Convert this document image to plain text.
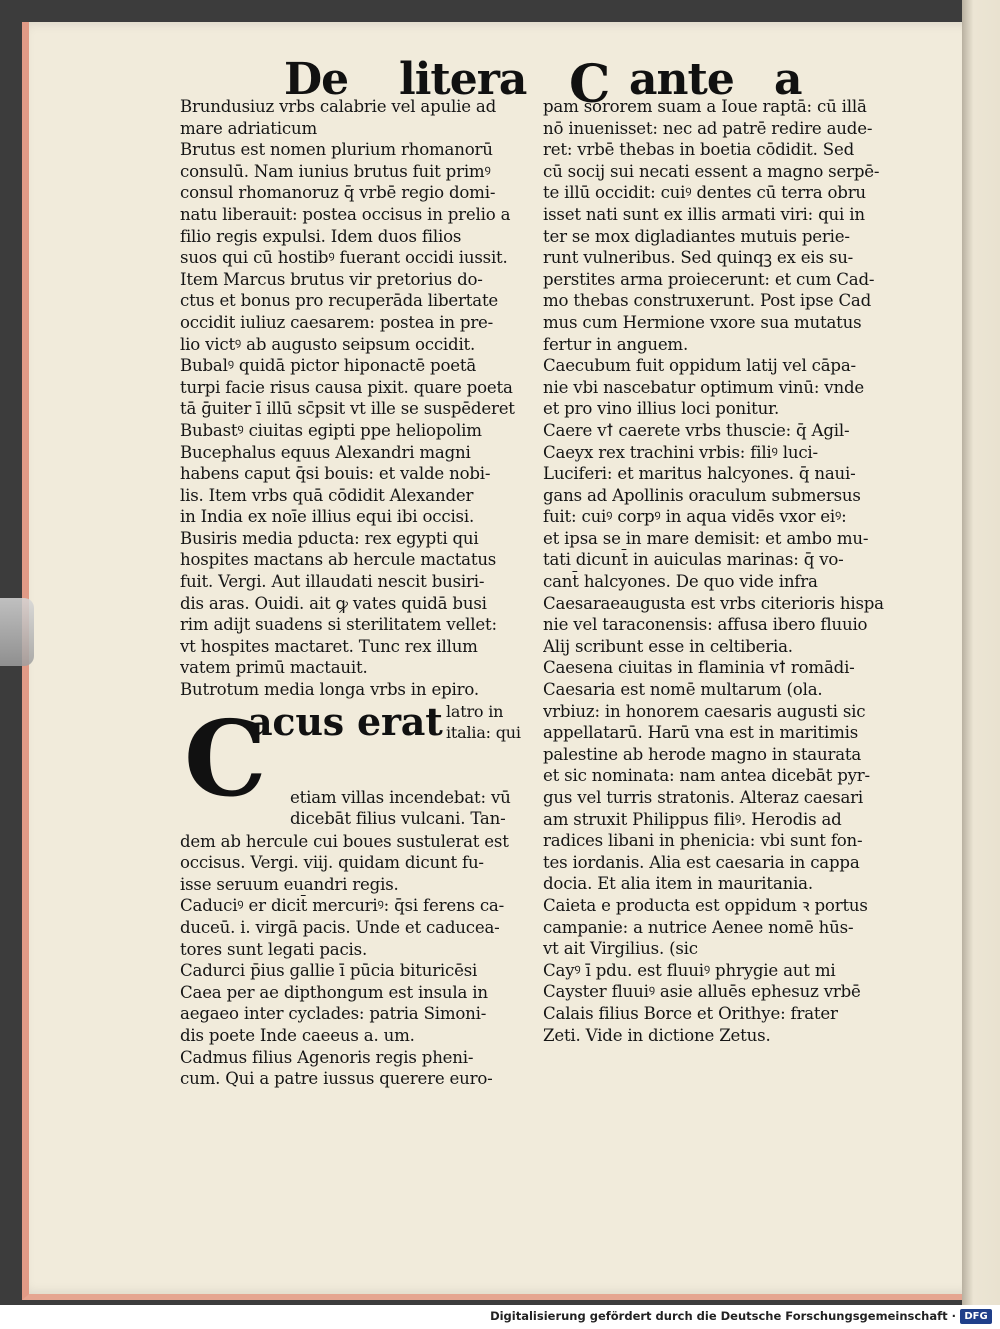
De litera C ante a
Brundusiuz vrbs calabrie vel apulie ad
mare adriaticum
Brutus est nomen plurium rhomanorū
consulū. Nam iunius brutus fuit primꝰ
consul rhomanoruz q̄ vrbē regio domi-
natu liberauit: postea occisus in prelio a
filio regis expulsi. Idem duos filios
suos qui cū hostibꝰ fuerant occidi iussit.
Item Marcus brutus vir pretorius do-
ctus et bonus pro recuperāda libertate
occidit iuliuz caesarem: postea in pre-
lio victꝰ ab augusto seipsum occidit.
Bubalꝰ quidā pictor hiponactē poetā
turpi facie risus causa pixit. quare poeta
tā ḡuiter ī illū sc̄psit vt ille se suspēderet
Bubastꝰ ciuitas egipti ppe heliopolim
Bucephalus equus Alexandri magni
habens caput q̄si bouis: et valde nobi-
lis. Item vrbs quā cōdidit Alexander
in India ex noīe illius equi ibi occisi.
Busiris media pducta: rex egypti qui
hospites mactans ab hercule mactatus
fuit. Vergi. Aut illaudati nescit busiri-
dis aras. Ouidi. ait ꝙ vates quidā busi
rim adijt suadens si sterilitatem vellet:
vt hospites mactaret. Tunc rex illum
vatem primū mactauit.
Butrotum media longa vrbs in epiro.
C
acus erat latro in
italia: qui
etiam villas incendebat: vū
dicebāt filius vulcani. Tan-
dem ab hercule cui boues sustulerat est
occisus. Vergi. viij. quidam dicunt fu-
isse seruum euandri regis.
Caduciꝰ er dicit̄ mercuriꝰ: q̄si ferens ca-
duceū. i. virgā pacis. Unde et caducea-
tores sunt legati pacis.
Cadurci p̄ius gallie ī pūcia bituricēsi
Caea per ae dipthongum est insula in
aegaeo inter cyclades: patria Simoni-
dis poete Inde caeeus a. um.
Cadmus filius Agenoris regis pheni-
cum. Qui a patre iussus querere euro-
pam sororem suam a Ioue raptā: cū illā
nō inuenisset: nec ad patrē redire aude-
ret: vrbē thebas in boetia cōdidit. Sed
cū socij sui necati essent a magno serpē-
te illū occidit: cuiꝰ dentes cū terra obru
isset nati sunt ex illis armati viri: qui in
ter se mox digladiantes mutuis perie-
runt vulneribus. Sed quinqꝫ ex eis su-
perstites arma proiecerunt: et cum Cad-
mo thebas construxerunt. Post ipse Cad
mus cum Hermione vxore sua mutatus
fertur in anguem.
Caecubum fuit oppidum latij vel cāpa-
nie vbi nascebatur optimum vinū: vnde
et pro vino illius loci ponitur.
Caere vꝉ caerete vrbs thuscie: q̄ Agil-
Caeyx rex trachini vrbis: filiꝰ luci-
Luciferi: et maritus halcyones. q̄ naui-
gans ad Apollinis oraculum submersus
fuit: cuiꝰ corpꝰ in aqua vidēs vxor eiꝰ:
et ipsa se in mare demisit: et ambo mu-
tati dicunt̄ in auiculas marinas: q̄ vo-
cant̄ halcyones. De quo vide infra
Caesaraeaugusta est vrbs citerioris hispa
nie vel taraconensis: affusa ibero fluuio
Alij scribunt esse in celtiberia.
Caesena ciuitas in flaminia vꝉ romādi-
Caesaria est nomē multarum (ola.
vrbiuz: in honorem caesaris augusti sic
appellatarū. Harū vna est in maritimis
palestine ab herode magno in staurata
et sic nominata: nam antea dicebāt pyr-
gus vel turris stratonis. Alteraz caesari
am struxit Philippus filiꝰ. Herodis ad
radices libani in phenicia: vbi sunt fon-
tes iordanis. Alia est caesaria in cappa
docia. Et alia item in mauritania.
Caieta e producta est oppidum ꝛ portus
campanie: a nutrice Aenee nomē hūs-
vt ait Virgilius. (sic
Cayꝰ ī pdu. est fluuiꝰ phrygie aut mi
Cayster fluuiꝰ asie alluēs ephesuz vrbē
Calais filius Borce et Orithye: frater
Zeti. Vide in dictione Zetus.
Digitalisierung gefördert durch die Deutsche Forschungsgemeinschaft · DFG
